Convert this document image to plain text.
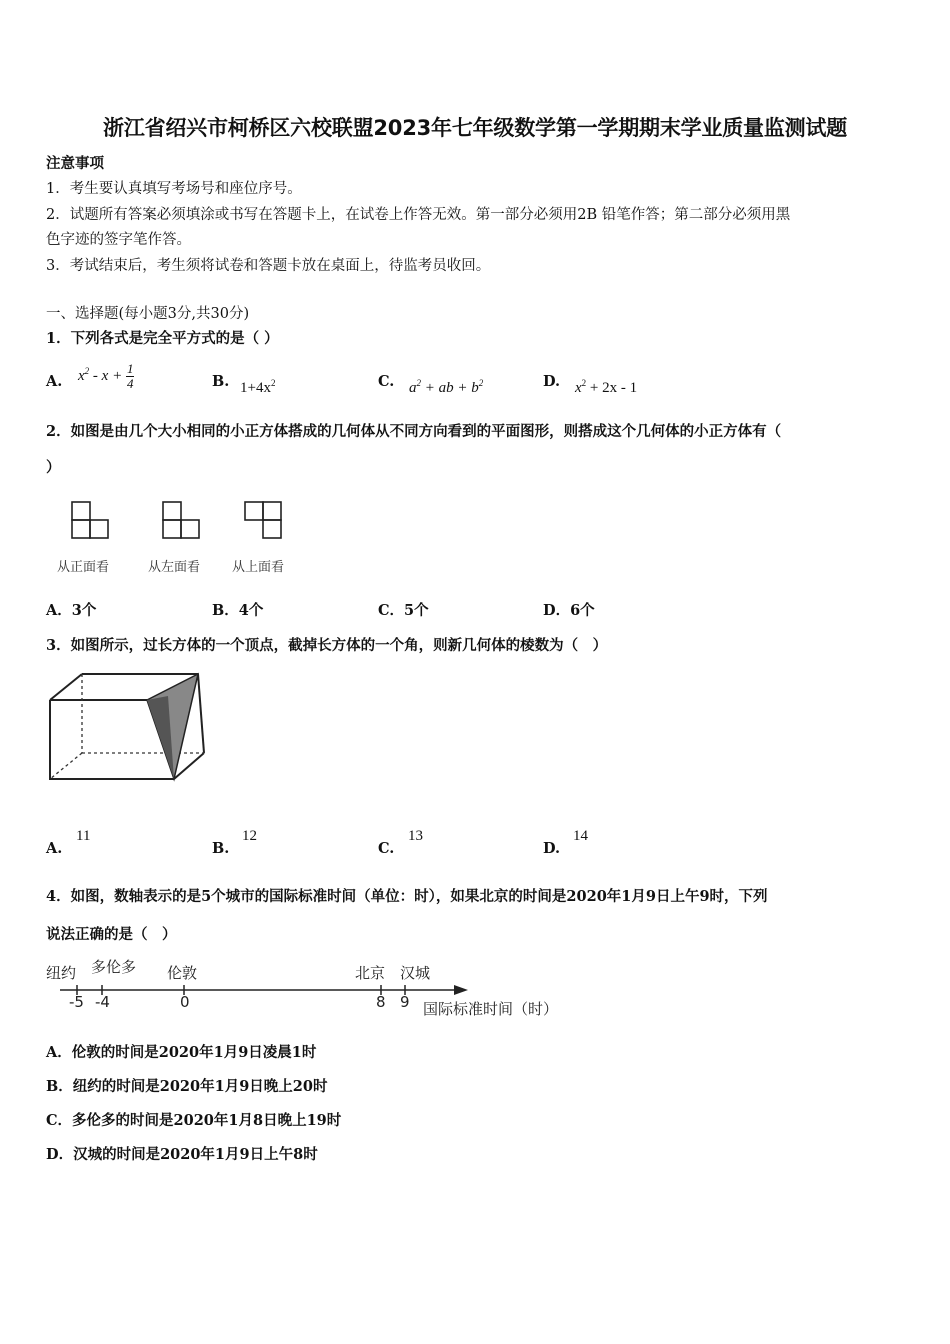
浙江省绍兴市柯桥区六校联盟2023年七年级数学第一学期期末学业质量监测试题
注意事项
1．考生要认真填写考场号和座位序号。
2．试题所有答案必须填涂或书写在答题卡上，在试卷上作答无效。第一部分必须用2B 铅笔作答；第二部分必须用黑
色字迹的签字笔作答。
3．考试结束后，考生须将试卷和答题卡放在桌面上，待监考员收回。
一、选择题(每小题3分,共30分)
1．下列各式是完全平方式的是（ ）
A. $x^2 - x + \frac{1}{4}$	B. $1+4x^2$	C. $a^2$ + ab + $b^2$	D. $x^2 + 2x - 1$
2．如图是由几个大小相同的小正方体搭成的几何体从不同方向看到的平面图形，则搭成这个几何体的小正方体有（
）
从正面看	从左面看 从上面看
A．3个	B．4个	C．5个	D．6个
3．如图所示，过长方体的一个顶点，截掉长方体的一个角，则新几何体的棱数为（　）
A.
11
B.
12
C.
13
D.
14
4．如图，数轴表示的是5个城市的国际标准时间（单位：时），如果北京的时间是2020年1月9日上午9时，下列
说法正确的是（　）
纽约 多伦多 伦敦	北京 汉城
-5 -4	0	8 9 国际标准时间（时）
A．伦敦的时间是2020年1月9日凌晨1时
B．纽约的时间是2020年1月9日晚上20时
C．多伦多的时间是2020年1月8日晚上19时
D．汉城的时间是2020年1月9日上午8时
